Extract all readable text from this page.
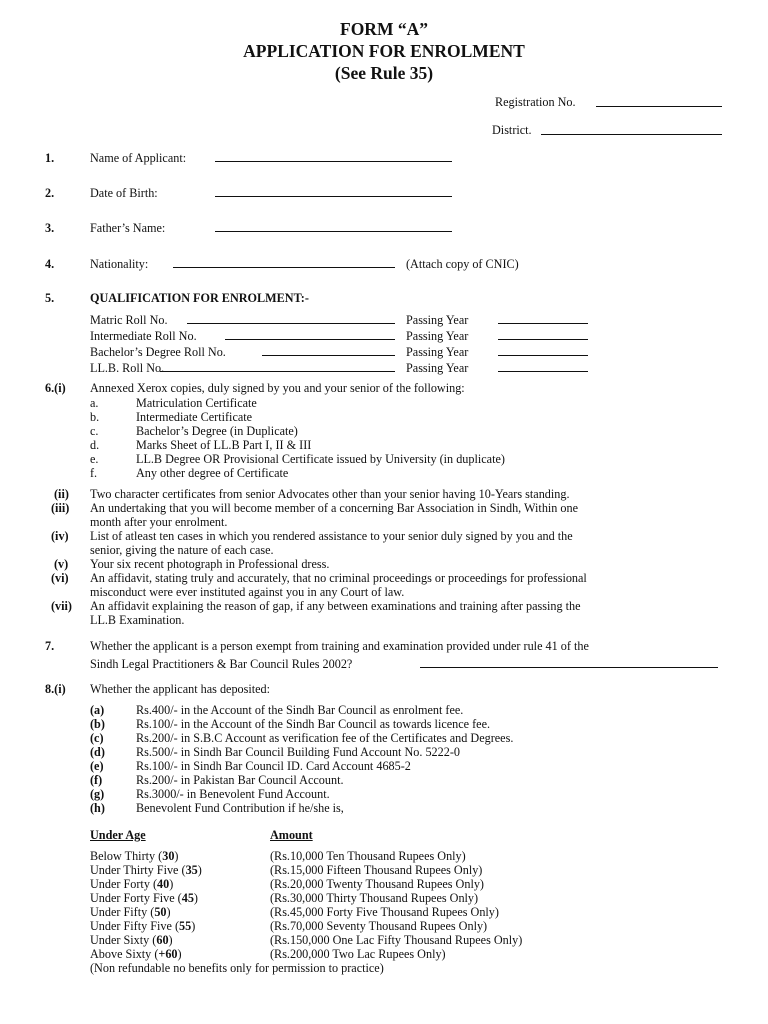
FORM “A”
APPLICATION FOR ENROLMENT
(See Rule 35)
Registration No.
District.
1.	Name of Applicant:
2.	Date of Birth:
3.	Father’s Name:
4.	Nationality:	(Attach copy of CNIC)
5.	QUALIFICATION FOR ENROLMENT:-
Matric Roll No.	Passing Year
Intermediate Roll No.	Passing Year
Bachelor’s Degree Roll No.	Passing Year
LL.B. Roll No.	Passing Year
6.(i) Annexed Xerox copies, duly signed by you and your senior of the following:
a.	Matriculation Certificate
b.	Intermediate Certificate
c.	Bachelor’s Degree (in Duplicate)
d.	Marks Sheet of LL.B Part I, II & III
e.	LL.B Degree OR Provisional Certificate issued by University (in duplicate)
f.	Any other degree of Certificate
(ii) Two character certificates from senior Advocates other than your senior having 10-Years standing.
(iii) An undertaking that you will become member of a concerning Bar Association in Sindh, Within one
month after your enrolment.
(iv) List of atleast ten cases in which you rendered assistance to your senior duly signed by you and the
senior, giving the nature of each case.
(v) Your six recent photograph in Professional dress.
(vi) An affidavit, stating truly and accurately, that no criminal proceedings or proceedings for professional
misconduct were ever instituted against you in any Court of law.
(vii) An affidavit explaining the reason of gap, if any between examinations and training after passing the
LL.B Examination.
7.	Whether the applicant is a person exempt from training and examination provided under rule 41 of the
Sindh Legal Practitioners & Bar Council Rules 2002?
8.(i) Whether the applicant has deposited:
(a)	Rs.400/- in the Account of the Sindh Bar Council as enrolment fee.
(b)	Rs.100/- in the Account of the Sindh Bar Council as towards licence fee.
(c)	Rs.200/- in S.B.C Account as verification fee of the Certificates and Degrees.
(d)	Rs.500/- in Sindh Bar Council Building Fund Account No. 5222-0
(e)	Rs.100/- in Sindh Bar Council ID. Card Account 4685-2
(f)	Rs.200/- in Pakistan Bar Council Account.
(g)	Rs.3000/- in Benevolent Fund Account.
(h)	Benevolent Fund Contribution if he/she is,
Under Age	Amount
Below Thirty (30)	(Rs.10,000 Ten Thousand Rupees Only)
Under Thirty Five (35)	(Rs.15,000 Fifteen Thousand Rupees Only)
Under Forty (40)	(Rs.20,000 Twenty Thousand Rupees Only)
Under Forty Five (45)	(Rs.30,000 Thirty Thousand Rupees Only)
Under Fifty (50)	(Rs.45,000 Forty Five Thousand Rupees Only)
Under Fifty Five (55)	(Rs.70,000 Seventy Thousand Rupees Only)
Under Sixty (60)	(Rs.150,000 One Lac Fifty Thousand Rupees Only)
Above Sixty (+60)	(Rs.200,000 Two Lac Rupees Only)
(Non refundable no benefits only for permission to practice)
